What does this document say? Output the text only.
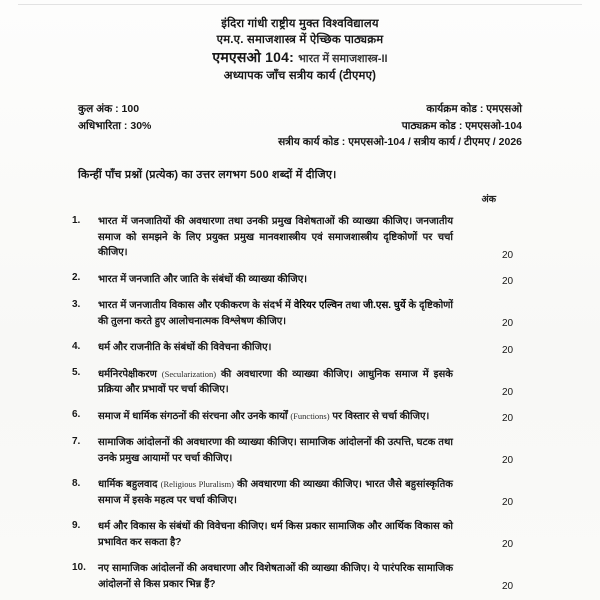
इंदिरा गांधी राष्ट्रीय मुक्त विश्वविद्यालय
एम.ए. समाजशास्त्र में ऐच्छिक पाठ्यक्रम
एमएसओ 104: भारत में समाजशास्त्र-II
अध्यापक जाँच सत्रीय कार्य (टीएमए)
कुल अंक : 100
अधिभारिता : 30%
कार्यक्रम कोड : एमएसओ
पाठ्यक्रम कोड : एमएसओ-104
सत्रीय कार्य कोड : एमएसओ-104 / सत्रीय कार्य / टीएमए / 2026
किन्हीं पाँच प्रश्नों (प्रत्येक) का उत्तर लगभग 500 शब्दों में दीजिए।
अंक
1.	भारत में जनजातियों की अवधारणा तथा उनकी प्रमुख विशेषताओं की व्याख्या कीजिए। जनजातीय समाज को समझने के लिए प्रयुक्त प्रमुख मानवशास्त्रीय एवं समाजशास्त्रीय दृष्टिकोणों पर चर्चा कीजिए।	20
2.	भारत में जनजाति और जाति के संबंधों की व्याख्या कीजिए।	20
3.	भारत में जनजातीय विकास और एकीकरण के संदर्भ में वेरियर एल्विन तथा जी.एस. घुर्ये के दृष्टिकोणों की तुलना करते हुए आलोचनात्मक विश्लेषण कीजिए।	20
4.	धर्म और राजनीति के संबंधों की विवेचना कीजिए।	20
5.	धर्मनिरपेक्षीकरण (Secularization) की अवधारणा की व्याख्या कीजिए। आधुनिक समाज में इसके प्रक्रिया और प्रभावों पर चर्चा कीजिए।	20
6.	समाज में धार्मिक संगठनों की संरचना और उनके कार्यों (Functions) पर विस्तार से चर्चा कीजिए।	20
7.	सामाजिक आंदोलनों की अवधारणा की व्याख्या कीजिए। सामाजिक आंदोलनों की उत्पत्ति, घटक तथा उनके प्रमुख आयामों पर चर्चा कीजिए।	20
8.	धार्मिक बहुलवाद (Religious Pluralism) की अवधारणा की व्याख्या कीजिए। भारत जैसे बहुसांस्कृतिक समाज में इसके महत्व पर चर्चा कीजिए।	20
9.	धर्म और विकास के संबंधों की विवेचना कीजिए। धर्म किस प्रकार सामाजिक और आर्थिक विकास को प्रभावित कर सकता है?	20
10.	नए सामाजिक आंदोलनों की अवधारणा और विशेषताओं की व्याख्या कीजिए। ये पारंपरिक सामाजिक आंदोलनों से किस प्रकार भिन्न हैं?	20
